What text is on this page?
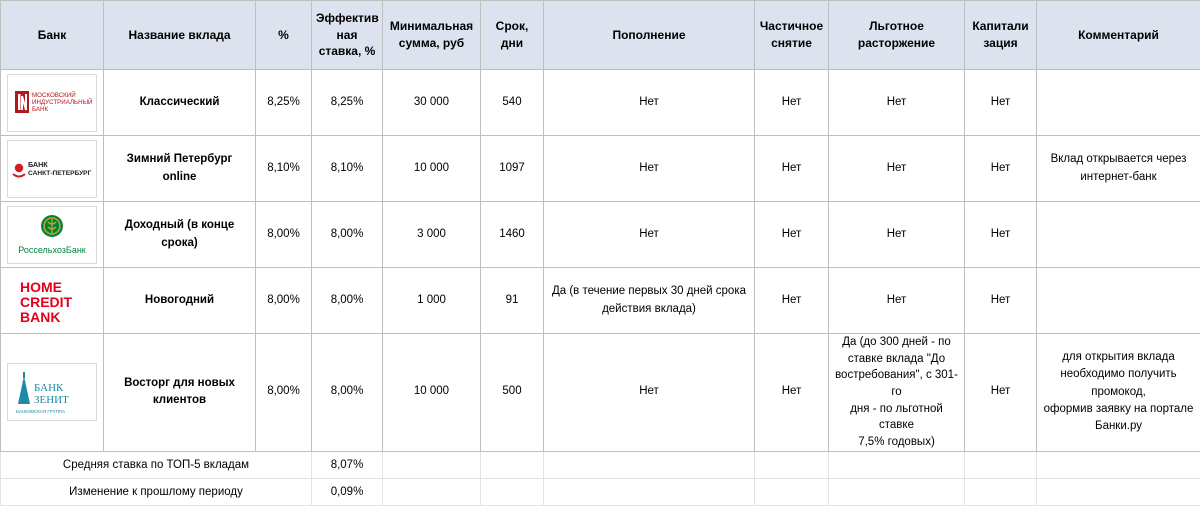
Банк	Название вклада	%	Эффектив
ная
ставка, %	Минимальная
сумма, руб	Срок,
дни	Пополнение	Частичное
снятие	Льготное
расторжение	Капитали
зация	Комментарий

МОСКОВСКИЙ
ИНДУСТРИАЛЬНЫЙ
БАНК	Классический	8,25%	8,25%	30 000	540	Нет	Нет	Нет	Нет	

БАНК
САНКТ-ПЕТЕРБУРГ	Зимний Петербург
online	8,10%	8,10%	10 000	1097	Нет	Нет	Нет	Нет	Вклад открывается через
интернет-банк

РоссельхозБанк	Доходный (в конце
срока)	8,00%	8,00%	3 000	1460	Нет	Нет	Нет	Нет	

HOME
CREDIT
BANK	Новогодний	8,00%	8,00%	1 000	91	Да (в течение первых 30 дней срока
действия вклада)	Нет	Нет	Нет	

БАНК
ЗЕНИТ
БАНКОВСКАЯ ГРУППА	Восторг для новых
клиентов	8,00%	8,00%	10 000	500	Нет	Нет	Да (до 300 дней - по
ставке вклада "До
востребования", с 301-го
дня - по льготной ставке
7,5% годовых)	Нет	для открытия вклада
необходимо получить промокод,
оформив заявку на портале
Банки.ру
Средняя ставка по ТОП-5 вкладам			8,07%							
Изменение к прошлому периоду			0,09%							
